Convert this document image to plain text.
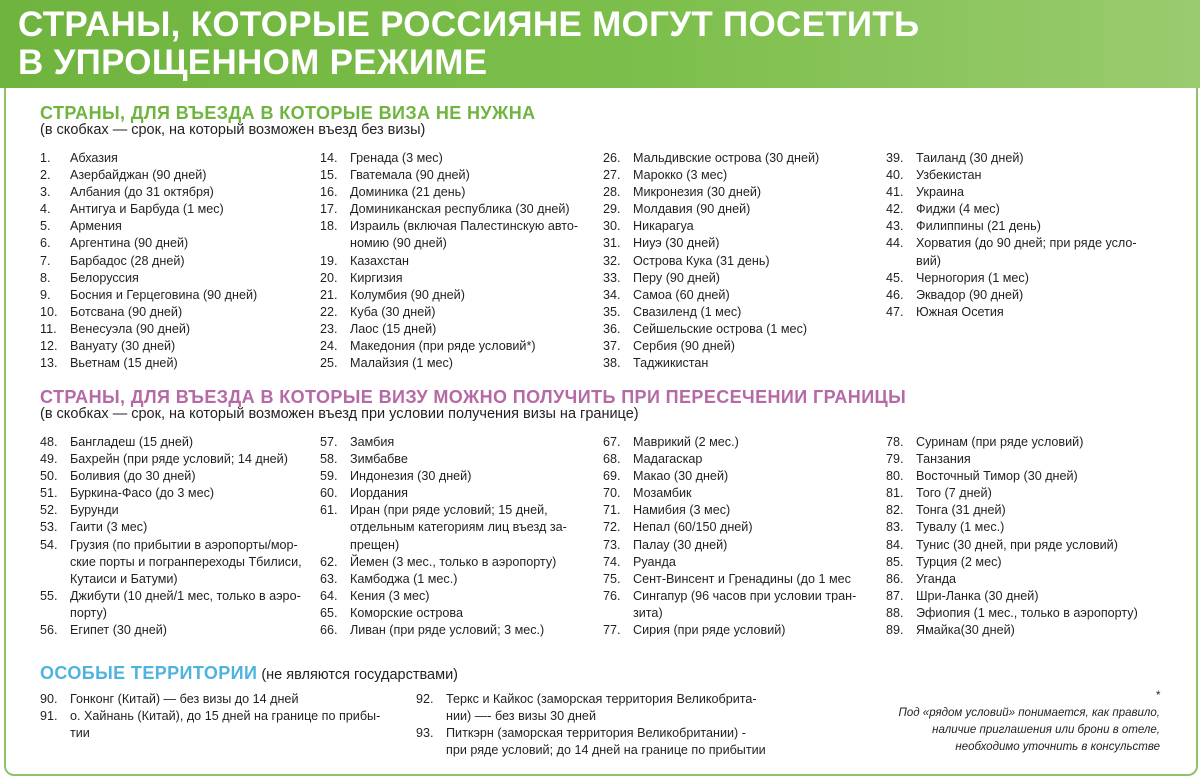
СТРАНЫ, КОТОРЫЕ РОССИЯНЕ МОГУТ ПОСЕТИТЬ
В УПРОЩЕННОМ РЕЖИМЕ
СТРАНЫ, ДЛЯ ВЪЕЗДА В КОТОРЫЕ ВИЗА НЕ НУЖНА
(в скобках — срок, на который возможен въезд без визы)
1.	Абхазия
2.	Азербайджан (90 дней)
3.	Албания (до 31 октября)
4.	Антигуа и Барбуда (1 мес)
5.	Армения
6.	Аргентина (90 дней)
7.	Барбадос (28 дней)
8.	Белоруссия
9.	Босния и Герцеговина (90 дней)
10. Ботсвана (90 дней)
11.	Венесуэла (90 дней)
12. Вануату (30 дней)
13. Вьетнам (15 дней)
14. Гренада (3 мес)
15. Гватемала (90 дней)
16. Доминика (21 день)
17. Доминиканская республика (30 дней)
18. Израиль (включая Палестинскую авто-
номию (90 дней)
19. Казахстан
20. Киргизия
21. Колумбия (90 дней)
22. Куба (30 дней)
23. Лаос (15 дней)
24. Македония (при ряде условий*)
25. Малайзия (1 мес)
26. Мальдивские острова (30 дней)
27. Марокко (3 мес)
28. Микронезия (30 дней)
29. Молдавия (90 дней)
30. Никарагуа
31. Ниуэ (30 дней)
32. Острова Кука (31 день)
33. Перу (90 дней)
34. Самоа (60 дней)
35. Свазиленд (1 мес)
36. Сейшельские острова (1 мес)
37. Сербия (90 дней)
38. Таджикистан
39. Таиланд (30 дней)
40. Узбекистан
41. Украина
42. Фиджи (4 мес)
43. Филиппины (21 день)
44. Хорватия (до 90 дней; при ряде усло-
вий)
45. Черногория (1 мес)
46. Эквадор (90 дней)
47. Южная Осетия
СТРАНЫ, ДЛЯ ВЪЕЗДА В КОТОРЫЕ ВИЗУ МОЖНО ПОЛУЧИТЬ ПРИ ПЕРЕСЕЧЕНИИ ГРАНИЦЫ
(в скобках — срок, на который возможен въезд при условии получения визы на границе)
48. Бангладеш (15 дней)
49. Бахрейн (при ряде условий; 14 дней)
50. Боливия (до 30 дней)
51. Буркина-Фасо (до 3 мес)
52. Бурунди
53. Гаити (3 мес)
54. Грузия (по прибытии в аэропорты/мор-
ские порты и погранпереходы Тбилиси,
Кутаиси и Батуми)
55. Джибути (10 дней/1 мес, только в аэро-
порту)
56. Египет (30 дней)
57. Замбия
58. Зимбабве
59. Индонезия (30 дней)
60. Иордания
61. Иран (при ряде условий; 15 дней,
отдельным категориям лиц въезд за-
прещен)
62. Йемен (3 мес., только в аэропорту)
63. Камбоджа (1 мес.)
64. Кения (3 мес)
65. Коморские острова
66. Ливан (при ряде условий; 3 мес.)
67. Маврикий (2 мес.)
68. Мадагаскар
69. Макао (30 дней)
70. Мозамбик
71. Намибия (3 мес)
72. Непал (60/150 дней)
73. Палау (30 дней)
74. Руанда
75. Сент-Винсент и Гренадины (до 1 мес
76. Сингапур (96 часов при условии тран-
зита)
77. Сирия (при ряде условий)
78. Суринам (при ряде условий)
79. Танзания
80. Восточный Тимор (30 дней)
81. Того (7 дней)
82. Тонга (31 дней)
83. Тувалу (1 мес.)
84. Тунис (30 дней, при ряде условий)
85. Турция (2 мес)
86. Уганда
87. Шри-Ланка (30 дней)
88. Эфиопия (1 мес., только в аэропорту)
89. Ямайка(30 дней)
ОСОБЫЕ ТЕРРИТОРИИ (не являются государствами)
90. Гонконг (Китай) — без визы до 14 дней
91. о. Хайнань (Китай), до 15 дней на границе по прибы-
тии
92. Теркс и Кайкос (заморская территория Великобрита-
нии) —- без визы 30 дней
93. Питкэрн (заморская территория Великобритании) -
при ряде условий; до 14 дней на границе по прибытии
*
Под «рядом условий» понимается, как правило,
наличие приглашения или брони в отеле,
необходимо уточнить в консульстве
